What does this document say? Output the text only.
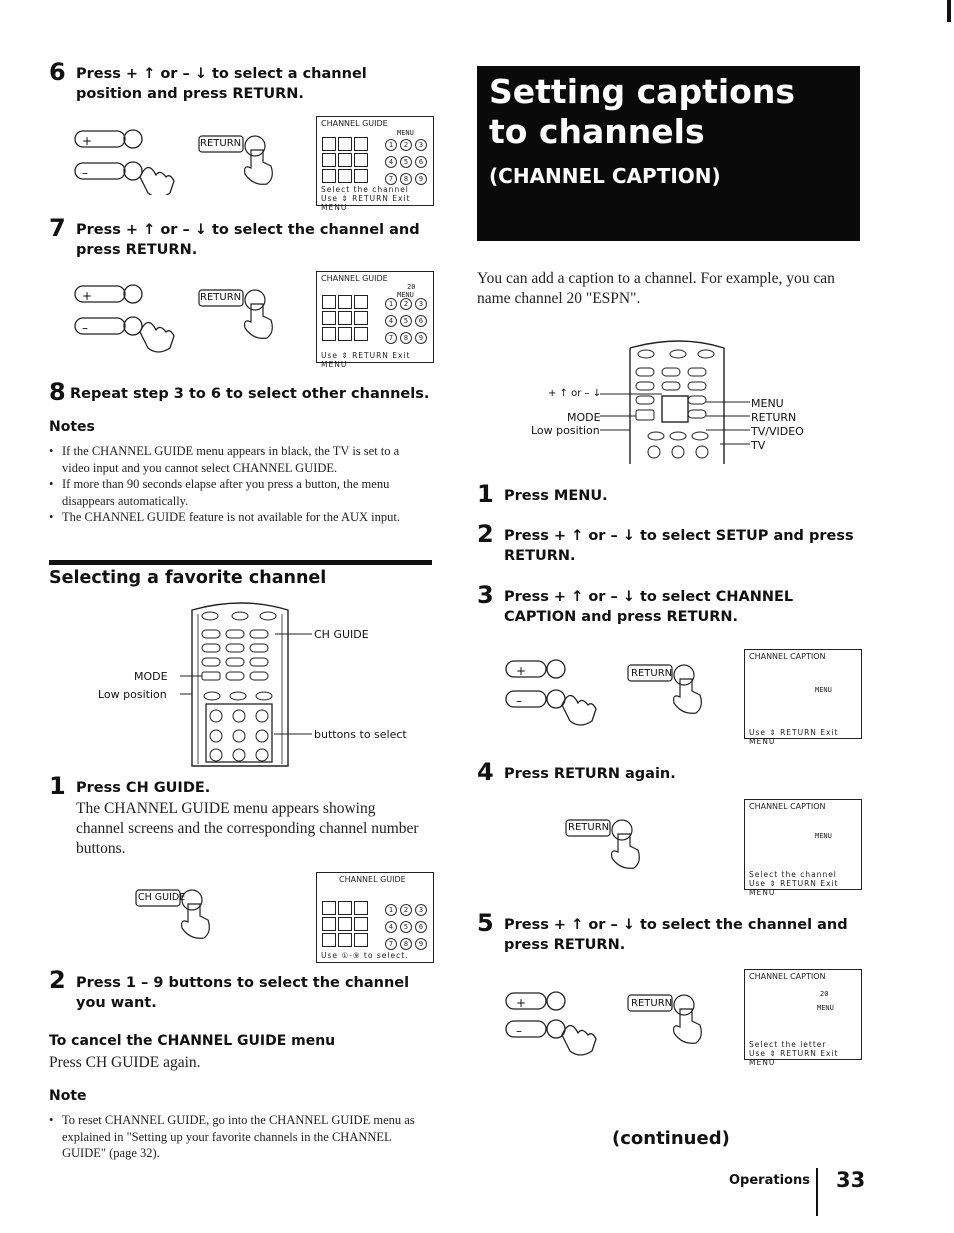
6 Press + ↑ or – ↓ to select a channel position and press RETURN.
+
–
RETURN
CHANNEL GUIDE
MENU
1	2	3
4	5	6
7	8	9
Select the channel
Use ⇕ RETURN Exit MENU
7 Press + ↑ or – ↓ to select the channel and press RETURN.
+
–
RETURN
CHANNEL GUIDE
20
MENU
1	2	3
4	5	6
7	8	9
Use ⇕ RETURN Exit MENU
8 Repeat step 3 to 6 to select other channels.
Notes
• If the CHANNEL GUIDE menu appears in black, the TV is set to a video input and you cannot select CHANNEL GUIDE.
• If more than 90 seconds elapse after you press a button, the menu disappears automatically.
• The CHANNEL GUIDE feature is not available for the AUX input.
Selecting a favorite channel
CH GUIDE
MODE
Low position
buttons to select
1 Press CH GUIDE.
The CHANNEL GUIDE menu appears showing channel screens and the corresponding channel number buttons.
CH GUIDE
CHANNEL GUIDE
1	2	3
4	5	6
7	8	9
Use ①-⑨ to select.
2 Press 1 – 9 buttons to select the channel you want.
To cancel the CHANNEL GUIDE menu
Press CH GUIDE again.
Note
• To reset CHANNEL GUIDE, go into the CHANNEL GUIDE menu as explained in "Setting up your favorite channels in the CHANNEL GUIDE" (page 32).
Setting captions
to channels
(CHANNEL CAPTION)
You can add a caption to a channel. For example, you can name channel 20 "ESPN".
+ ↑ or – ↓
MODE
Low position
MENU
RETURN
TV/VIDEO
TV
1 Press MENU.
2 Press + ↑ or – ↓ to select SETUP and press RETURN.
3 Press + ↑ or – ↓ to select CHANNEL CAPTION and press RETURN.
+
–
RETURN
CHANNEL CAPTION
MENU
Use ⇕ RETURN Exit MENU
4 Press RETURN again.
RETURN
CHANNEL CAPTION
MENU
Select the channel
Use ⇕ RETURN Exit MENU
5 Press + ↑ or – ↓ to select the channel and press RETURN.
+
–
RETURN
CHANNEL CAPTION
20
MENU
Select the letter
Use ⇕ RETURN Exit MENU
(continued)
Operations 33
